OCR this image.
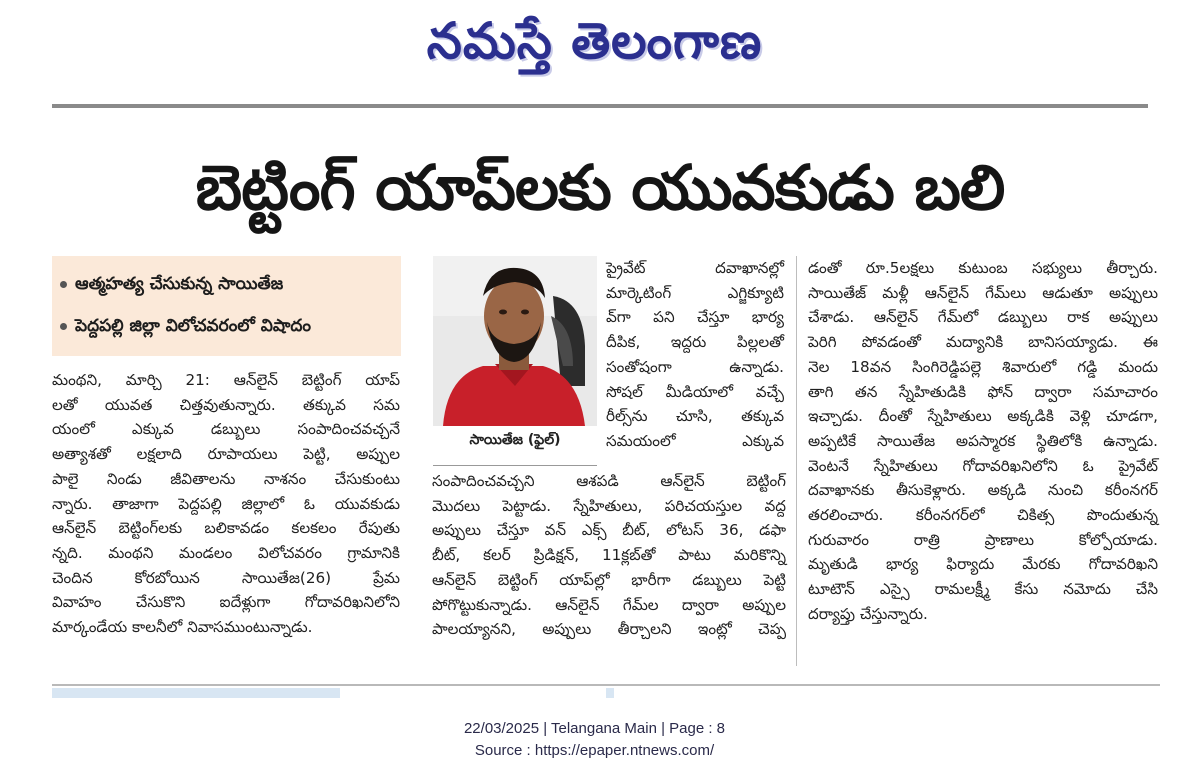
నమస్తే తెలంగాణ
బెట్టింగ్ యాప్‌లకు యువకుడు బలి
ఆత్మహత్య చేసుకున్న సాయితేజ
పెద్దపల్లి జిల్లా విలోచవరంలో విషాదం

మంథని, మార్చి 21: ఆన్‌లైన్ బెట్టింగ్ యాప్

లతో యువత చిత్తవుతున్నారు. తక్కువ సమ

యంలో ఎక్కువ డబ్బులు సంపాదించవచ్చనే

అత్యాశతో లక్షలాది రూపాయలు పెట్టి, అప్పుల

పాలై నిండు జీవితాలను నాశనం చేసుకుంటు

న్నారు. తాజాగా పెద్దపల్లి జిల్లాలో ఓ యువకుడు

ఆన్‌లైన్ బెట్టింగ్‌లకు బలికావడం కలకలం రేపుతు

న్నది. మంథని మండలం విలోచవరం గ్రామానికి

చెందిన కోరబోయిన సాయితేజ(26) ప్రేమ

వివాహం చేసుకొని ఐదేళ్లుగా గోదావరిఖనిలోని

మార్కండేయ కాలనీలో నివాసముంటున్నాడు.

సాయితేజ (ఫైల్)

ప్రైవేట్ దవాఖానల్లో

మార్కెటింగ్ ఎగ్జిక్యూటి

వ్‌గా పని చేస్తూ భార్య

దీపిక, ఇద్దరు పిల్లలతో

సంతోషంగా ఉన్నాడు.

సోషల్ మీడియాలో వచ్చే

రీల్స్‌ను చూసి, తక్కువ

సమయంలో ఎక్కువ

సంపాదించవచ్చని ఆశపడి ఆన్‌లైన్ బెట్టింగ్

మొదలు పెట్టాడు. స్నేహితులు, పరిచయస్తుల వద్ద

అప్పులు చేస్తూ వన్ ఎక్స్ బీట్, లోటస్ 36, డఫా

బీట్, కలర్ ప్రిడిక్షన్, 11క్లబ్‌తో పాటు మరికొన్ని

ఆన్‌లైన్ బెట్టింగ్ యాప్‌ల్లో భారీగా డబ్బులు పెట్టి

పోగొట్టుకున్నాడు. ఆన్‌లైన్ గేమ్‌ల ద్వారా అప్పుల

పాలయ్యానని, అప్పులు తీర్చాలని ఇంట్లో చెప్ప

డంతో రూ.5లక్షలు కుటుంబ సభ్యులు తీర్చారు.

సాయితేజ్ మళ్లీ ఆన్‌లైన్ గేమ్‌లు ఆడుతూ అప్పులు

చేశాడు. ఆన్‌లైన్ గేమ్‌లో డబ్బులు రాక అప్పులు

పెరిగి పోవడంతో మద్యానికి బానిసయ్యాడు. ఈ

నెల 18వన సింగిరెడ్డిపల్లె శివారులో గడ్డి మందు

తాగి తన స్నేహితుడికి ఫోన్ ద్వారా సమాచారం

ఇచ్చాడు. దీంతో స్నేహితులు అక్కడికి వెళ్లి చూడగా,

అప్పటికే సాయితేజ అపస్మారక స్థితిలోకి ఉన్నాడు.

వెంటనే స్నేహితులు గోదావరిఖనిలోని ఓ ప్రైవేట్

దవాఖానకు తీసుకెళ్లారు. అక్కడి నుంచి కరీంనగర్

తరలించారు. కరీంనగర్‌లో చికిత్స పొందుతున్న

గురువారం రాత్రి ప్రాణాలు కోల్పోయాడు.

మృతుడి భార్య ఫిర్యాదు మేరకు గోదావరిఖని

టూటౌన్ ఎస్సై రామలక్ష్మీ కేసు నమోదు చేసి

దర్యాప్తు చేస్తున్నారు.

22/03/2025 | Telangana Main | Page : 8
Source : https://epaper.ntnews.com/
